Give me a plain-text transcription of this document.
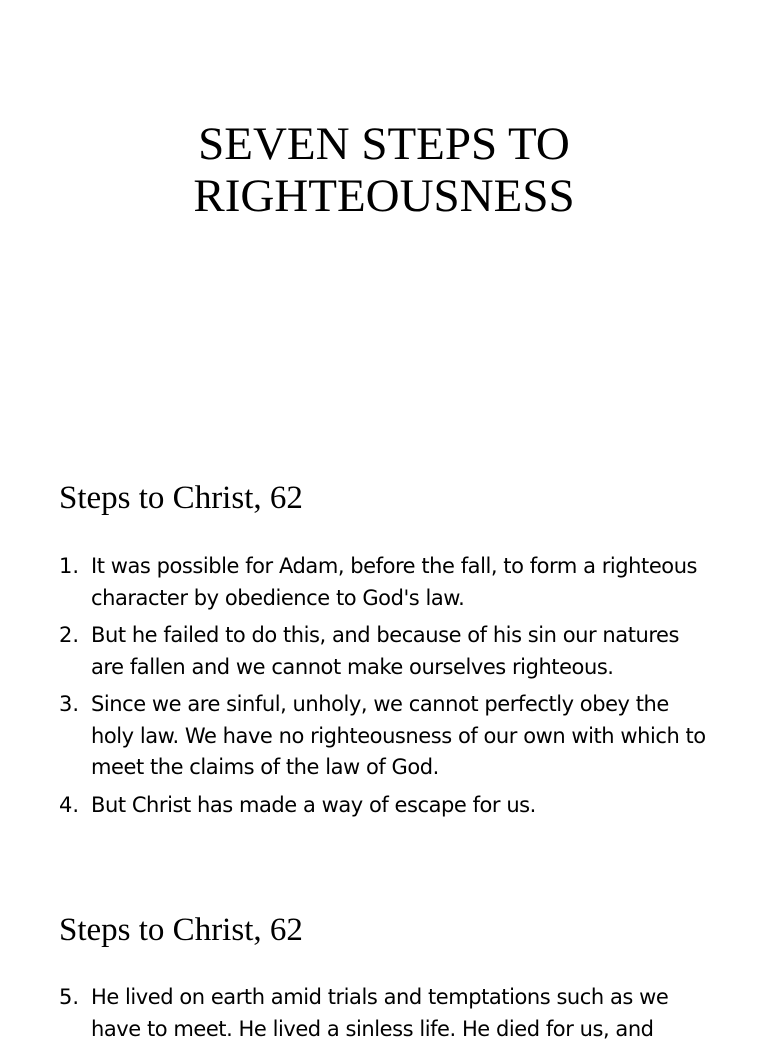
SEVEN STEPS TO
RIGHTEOUSNESS
Steps to Christ, 62
1. It was possible for Adam, before the fall, to form a righteous character by obedience to God's law.
2. But he failed to do this, and because of his sin our natures are fallen and we cannot make ourselves righteous.
3. Since we are sinful, unholy, we cannot perfectly obey the holy law. We have no righteousness of our own with which to meet the claims of the law of God.
4. But Christ has made a way of escape for us.
Steps to Christ, 62
5. He lived on earth amid trials and temptations such as we have to meet. He lived a sinless life. He died for us, and
